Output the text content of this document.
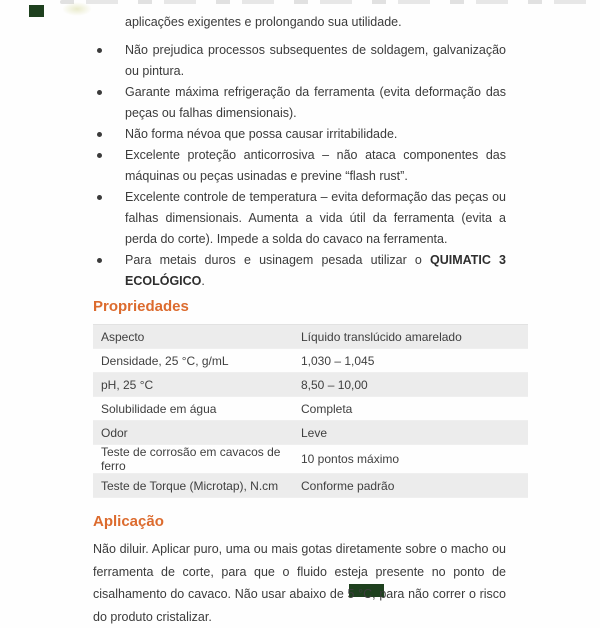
aplicações exigentes e prolongando sua utilidade.

Não prejudica processos subsequentes de soldagem, galvanização ou pintura.
Garante máxima refrigeração da ferramenta (evita deformação das peças ou falhas dimensionais).
Não forma névoa que possa causar irritabilidade.
Excelente proteção anticorrosiva – não ataca componentes das máquinas ou peças usinadas e previne “flash rust”.
Excelente controle de temperatura – evita deformação das peças ou falhas dimensionais. Aumenta a vida útil da ferramenta (evita a perda do corte). Impede a solda do cavaco na ferramenta.
Para metais duros e usinagem pesada utilizar o QUIMATIC 3 ECOLÓGICO.
Propriedades
Aspecto	Líquido translúcido amarelado
Densidade, 25 °C, g/mL	1,030 – 1,045
pH, 25 °C	8,50 – 10,00
Solubilidade em água	Completa
Odor	Leve
Teste de corrosão em cavacos de ferro	10 pontos máximo
Teste de Torque (Microtap), N.cm	Conforme padrão
Aplicação

Não diluir. Aplicar puro, uma ou mais gotas diretamente sobre o macho ou ferramenta de corte, para que o fluido esteja presente no ponto de cisalhamento do cavaco. Não usar abaixo de 5 °C, para não correr o risco do produto cristalizar.
